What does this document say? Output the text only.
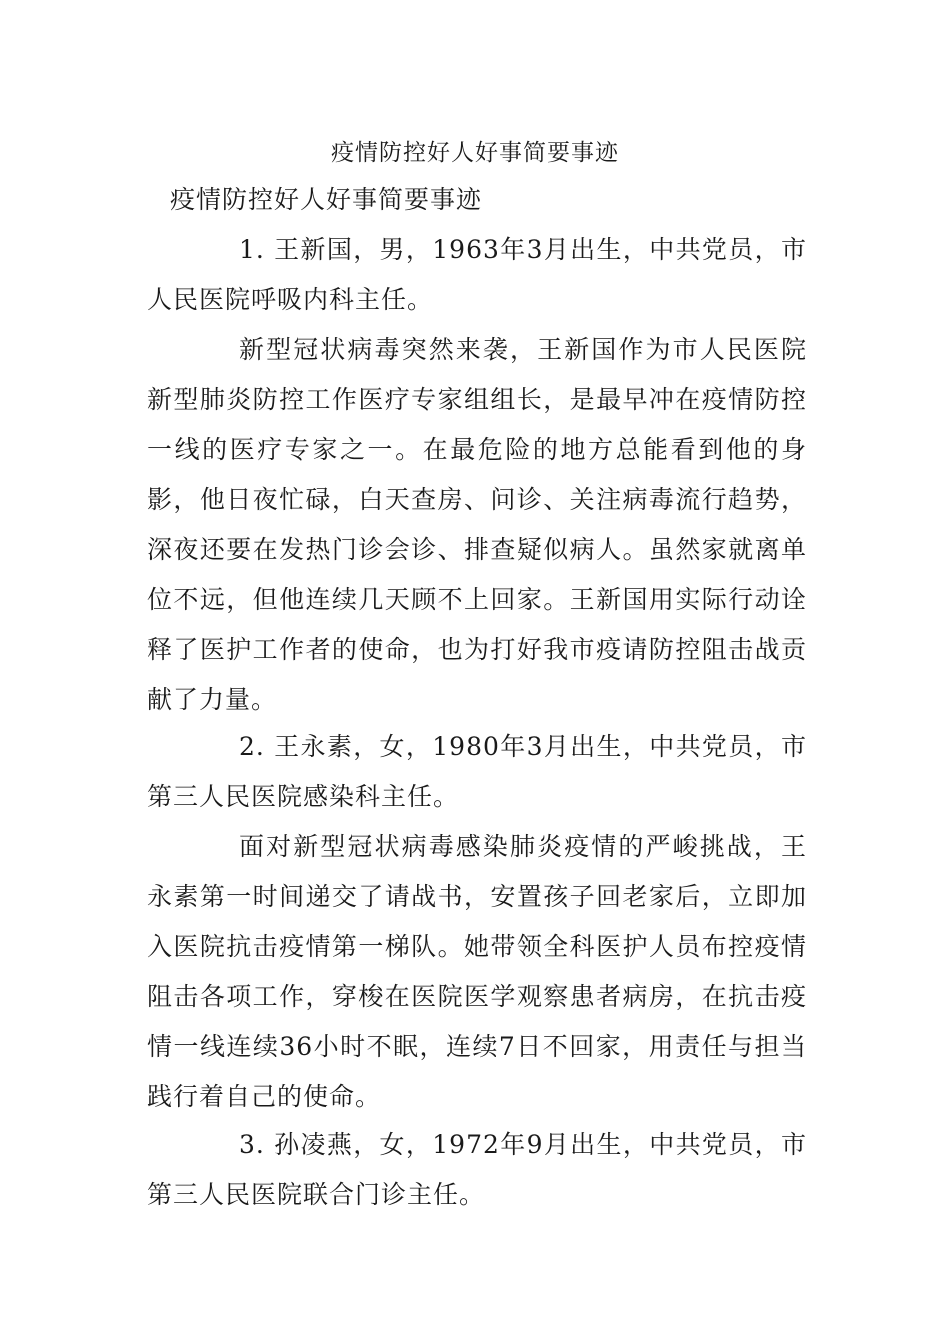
疫情防控好人好事简要事迹
疫情防控好人好事简要事迹

1. 王新国，男，1963年3月出生，中共党员，市人民医院呼吸内科主任。

新型冠状病毒突然来袭，王新国作为市人民医院新型肺炎防控工作医疗专家组组长，是最早冲在疫情防控一线的医疗专家之一。在最危险的地方总能看到他的身影，他日夜忙碌，白天查房、问诊、关注病毒流行趋势，深夜还要在发热门诊会诊、排查疑似病人。虽然家就离单位不远，但他连续几天顾不上回家。王新国用实际行动诠释了医护工作者的使命，也为打好我市疫请防控阻击战贡献了力量。

2. 王永素，女，1980年3月出生，中共党员，市第三人民医院感染科主任。

面对新型冠状病毒感染肺炎疫情的严峻挑战，王永素第一时间递交了请战书，安置孩子回老家后，立即加入医院抗击疫情第一梯队。她带领全科医护人员布控疫情阻击各项工作，穿梭在医院医学观察患者病房，在抗击疫情一线连续36小时不眠，连续7日不回家，用责任与担当践行着自己的使命。

3. 孙凌燕，女，1972年9月出生，中共党员，市第三人民医院联合门诊主任。
